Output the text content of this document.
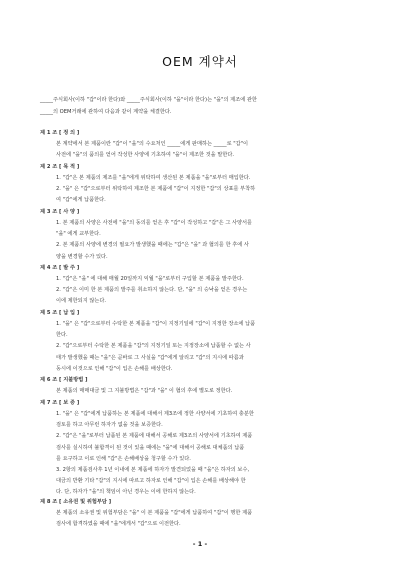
OEM 계약서
_____주식회사(이하 "갑"이라 한다)와 _____주식회사(이하 "을"이라 한다)는 "을"의 제조에 관한
_____의 OEM거래에 관하여 다음과 같이 계약을 체결한다.
제 1 조 [ 정 의 ]
본 계약에서 본 제품이란 "갑"이 "을"의 수요처인 _____에게 판매하는 _____로 "갑"이
사전에 "을"의 품의를 얻어 작성한 사양에 기초하여 "을"이 제조한 것을 말한다.
제 2 조 [ 목 적 ]
1. "갑"은 본 제품의 제조를 "을"에게 위탁하여 생산된 본 제품을 "을"로부터 매입한다.
2. "을" 은 "갑"으로부터 위탁하여 제조한 본 제품에 "갑"이 지정한 "갑"의 상표를 부착하
여 "갑"에게 납품한다.
제 3 조 [ 사 양 ]
1. 본 제품의 사양은 사전에 "을"의 동의를 얻은 후 "갑"이 작성하고 "갑"은 그 사양서를
"을" 에게 교부한다.
2. 본 제품의 사양에 변경의 필요가 발생했을 때에는 "갑"은 "을" 과 협의를 한 후에 사
양을 변경할 수가 있다.
제 4 조 [ 발 주 ]
1. "갑"은 "을" 에 대해 매월 20일까지 익월 "을"로부터 구입할 본 제품을 발주한다.
2. "갑"은 이미 한 본 제품의 발주를 취소하지 않는다. 단, "을" 의 승낙을 얻은 경우는
이에 제한되지 않는다.
제 5 조 [ 납 입 ]
1. "을" 은 "갑"으로부터 수탁한 본 제품을 "갑"이 지정기일에 "갑"이 지정한 장소에 납품
한다.
2. "갑"으로부터 수탁한 본 제품을 "갑"의 지정기일 또는 지정장소에 납품할 수 없는 사
태가 발생했을 때는 "을"은 곧바로 그 사실을 "갑"에게 알리고 "갑"의 지시에 따름과
동시에 이것으로 인해 "갑"이 입은 손해를 배상한다.
제 6 조 [ 지불방법 ]
본 제품의 매매대금 및 그 지불방법은 "갑"과 "을" 이 협의 후에 별도로 정한다.
제 7 조 [ 보 증 ]
1. "을" 은 "갑"에게 납품하는 본 제품에 대해서 제3조에 정한 사양서에 기초하여 충분한
검토를 하고 아무런 하자가 없을 것을 보증한다.
2. "갑"은 "을"로부터 납품된 본 제품에 대해서 공해로 제3조의 사양서에 기초하여 제품
검사를 실시하여 불합격이 된 것이 있을 때에는 "을"에 대해서 공해로 대체품의 납품
를 요구하고 이로 인해 "갑"은 손해배상을 청구할 수가 있다.
3. 2항의 제품검사후 1년 이내에 본 제품에 하자가 발견되었을 때 "을"은 하자의 보수,
대금의 반환 기타 "갑"의 지시에 따르고 하자로 인해 "갑"이 입은 손해를 배상해야 한
다. 단, 하자가 "을"의 책임이 아닌 경우는 이에 한하지 않는다.
제 8 조 [ 소유권 및 위험부담 ]
본 제품의 소유권 및 위험부담은 "을" 이 본 제품을 "갑"에게 납품하여 "갑"이 행한 제품
검사에 합격하였을 때에 "을"에게서 "갑"으로 이전한다.
- 1 -
